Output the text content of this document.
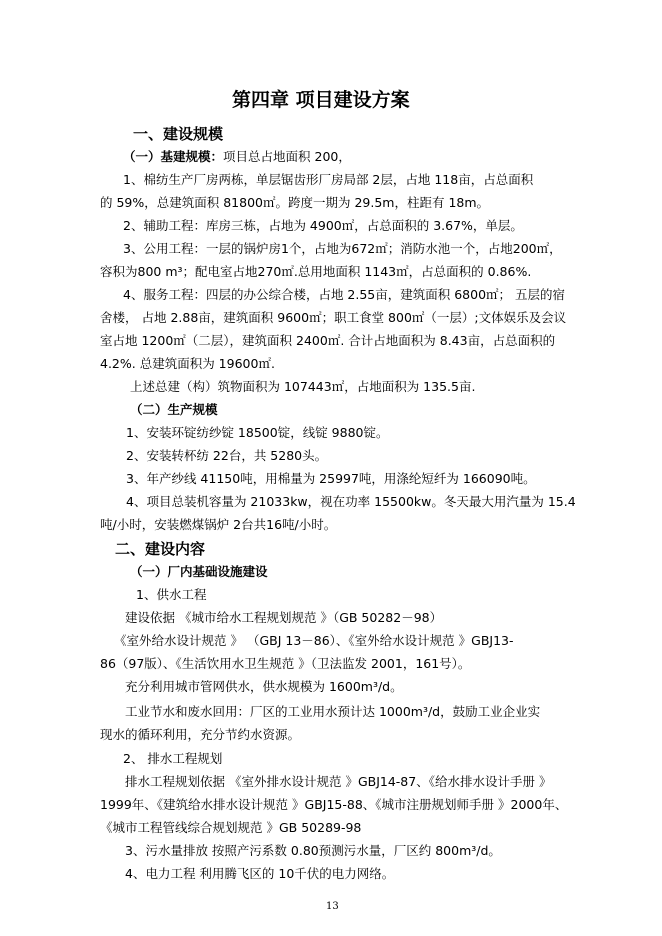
第四章 项目建设方案
一、建设规模
（一）基建规模：项目总占地面积 200，
1、棉纺生产厂房两栋，单层锯齿形厂房局部 2层，占地 118亩，占总面积
的 59%，总建筑面积 81800㎡。跨度一期为 29.5m，柱距有 18m。
2、辅助工程：库房三栋，占地为 4900㎡，占总面积的 3.67%，单层。
3、公用工程：一层的锅炉房1个，占地为672㎡；消防水池一个，占地200㎡，
容积为800 m³；配电室占地270㎡.总用地面积 1143㎡，占总面积的 0.86%.
4、服务工程：四层的办公综合楼，占地 2.55亩，建筑面积 6800㎡； 五层的宿
舍楼， 占地 2.88亩，建筑面积 9600㎡；职工食堂 800㎡（一层）;文体娱乐及会议
室占地 1200㎡（二层），建筑面积 2400㎡. 合计占地面积为 8.43亩，占总面积的
4.2%. 总建筑面积为 19600㎡.
上述总建（构）筑物面积为 107443㎡，占地面积为 135.5亩.
（二）生产规模
1、安装环锭纺纱锭 18500锭，线锭 9880锭。
2、安装转杯纺 22台，共 5280头。
3、年产纱线 41150吨，用棉量为 25997吨，用涤纶短纤为 166090吨。
4、项目总装机容量为 21033kw，视在功率 15500kw。冬天最大用汽量为 15.4
吨/小时，安装燃煤锅炉 2台共16吨/小时。
二、建设内容
（一）厂内基础设施建设
1、供水工程
建设依据 《城市给水工程规划规范 》（GB 50282－98）
《室外给水设计规范 》 （GBJ 13－86）、《室外给水设计规范 》GBJ13-
86（97版）、《生活饮用水卫生规范 》（卫法监发 2001，161号）。
充分利用城市管网供水，供水规模为 1600m³/d。
工业节水和废水回用：厂区的工业用水预计达 1000m³/d，鼓励工业企业实
现水的循环利用，充分节约水资源。
2、 排水工程规划
排水工程规划依据 《室外排水设计规范 》GBJ14-87、《给水排水设计手册 》
1999年、《建筑给水排水设计规范 》GBJ15-88、《城市注册规划师手册 》2000年、
《城市工程管线综合规划规范 》GB 50289-98
3、污水量排放 按照产污系数 0.80预测污水量，厂区约 800m³/d。
4、电力工程 利用腾飞区的 10千伏的电力网络。
13
